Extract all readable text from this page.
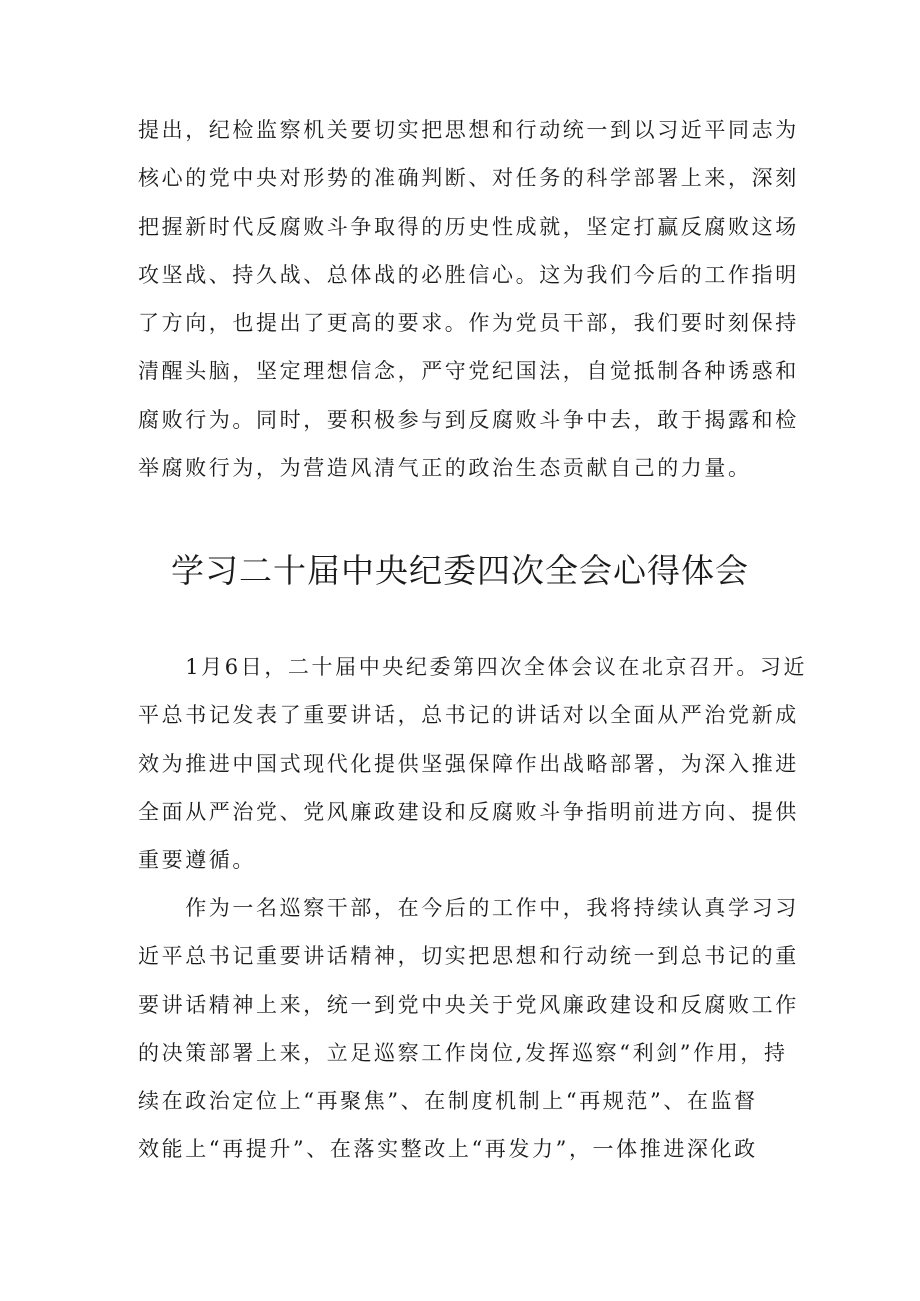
提出，纪检监察机关要切实把思想和行动统一到以习近平同志为
核心的党中央对形势的准确判断、对任务的科学部署上来，深刻
把握新时代反腐败斗争取得的历史性成就，坚定打赢反腐败这场
攻坚战、持久战、总体战的必胜信心。这为我们今后的工作指明
了方向，也提出了更高的要求。作为党员干部，我们要时刻保持
清醒头脑，坚定理想信念，严守党纪国法，自觉抵制各种诱惑和
腐败行为。同时，要积极参与到反腐败斗争中去，敢于揭露和检
举腐败行为，为营造风清气正的政治生态贡献自己的力量。
学习二十届中央纪委四次全会心得体会
　　1月6日，二十届中央纪委第四次全体会议在北京召开。习近
平总书记发表了重要讲话，总书记的讲话对以全面从严治党新成
效为推进中国式现代化提供坚强保障作出战略部署，为深入推进
全面从严治党、党风廉政建设和反腐败斗争指明前进方向、提供
重要遵循。
　　作为一名巡察干部，在今后的工作中，我将持续认真学习习
近平总书记重要讲话精神，切实把思想和行动统一到总书记的重
要讲话精神上来，统一到党中央关于党风廉政建设和反腐败工作
的决策部署上来，立足巡察工作岗位,发挥巡察“利剑”作用，持
续在政治定位上“再聚焦”、在制度机制上“再规范”、在监督
效能上“再提升”、在落实整改上“再发力”，一体推进深化政
